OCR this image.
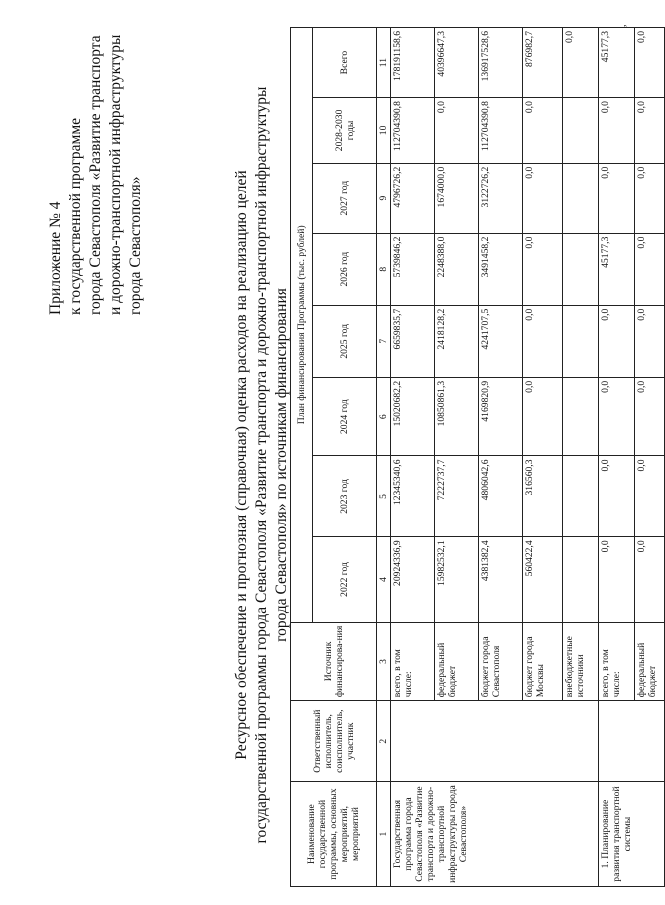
Приложение № 4 к государственной программе города Севастополя «Развитие транспорта и дорожно-транспортной инфраструктуры города Севастополя»	Ресурсное обеспечение и прогнозная (справочная) оценка расходов на реализацию целей государственной программы города Севастополя «Развитие транспорта и дорожно-транспортной инфраструктуры города Севастополя» по источникам финансирования
Наименование государственной программы, основных мероприятий, мероприятий	Ответственный исполнитель, соисполнитель, участник	Источник финансирова-ния	План финансирования Программы (тыс. рублей)							
			2022 год	2023 год	2024 год	2025 год	2026 год	2027 год	2028-2030 годы	Всего
1	2	3	4	5	6	7	8	9	10	11
Государственная программа города Севастополя «Развитие транспорта и дорожно-транспортной инфраструктуры города Севастополя»		всего, в том числе:	20924336,9	12345340,6	15020682,2	6659835,7	5739846,2	4796726,2	112704390,8	178191158,6
		федеральный бюджет	15982532,1	7222737,7	10850861,3	2418128,2	2248388,0	1674000,0	0,0	40396647,3
		бюджет города Севастополя	4381382,4	4806042,6	4169820,9	4241707,5	3491458,2	3122726,2	112704390,8	136917528,6
		бюджет города Москвы	560422,4	316560,3	0,0	0,0	0,0	0,0	0,0	876982,7
		внебюджетные источники								0,0
1. Планирование развития транспортной системы		всего, в том числе:	0,0	0,0	0,0	0,0	45177,3	0,0	0,0	45177,3
		федеральный бюджет	0,0	0,0	0,0	0,0	0,0	0,0	0,0	0,0
,
